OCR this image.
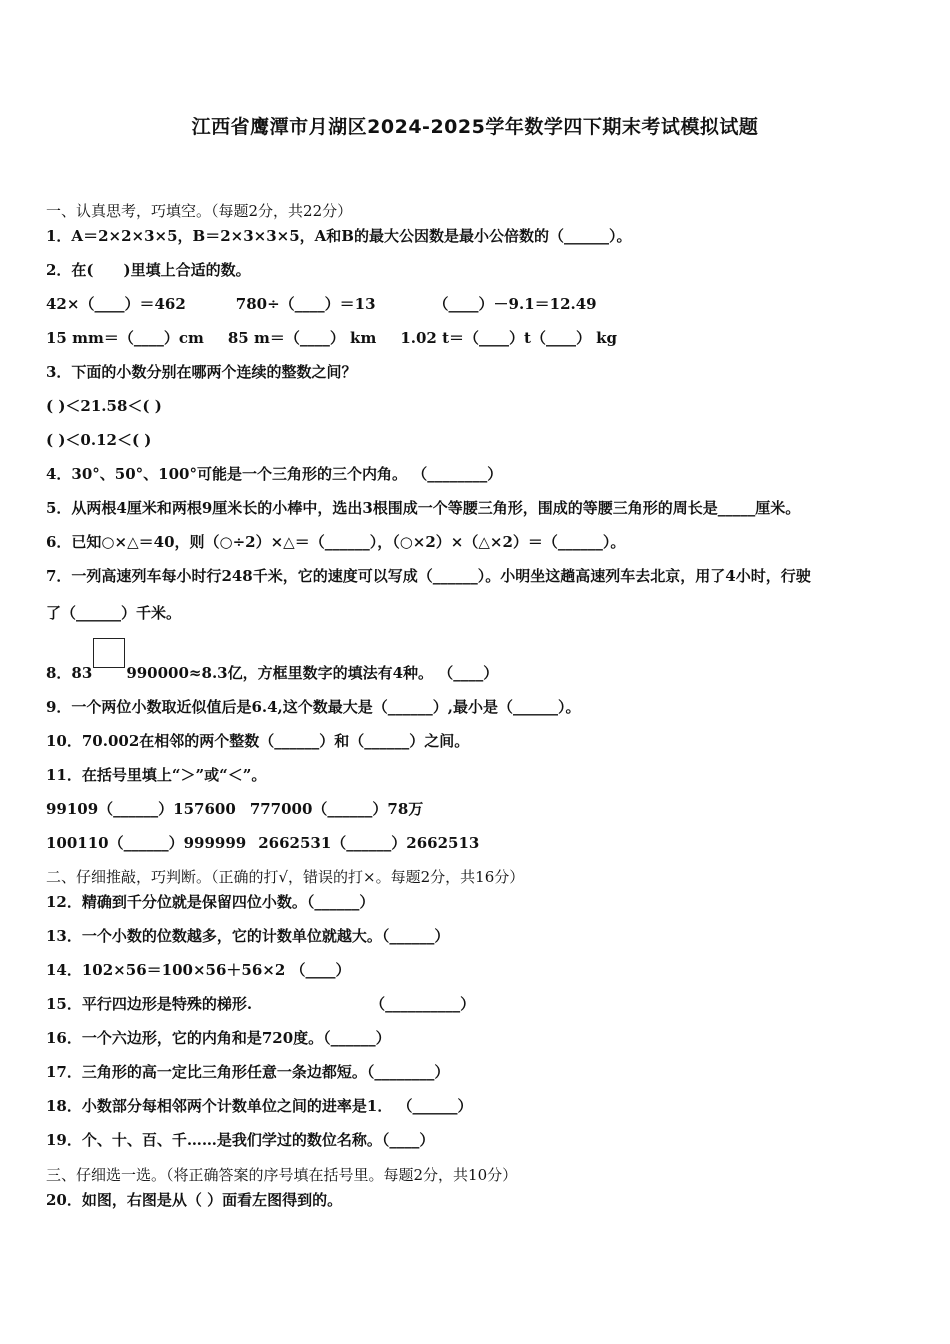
江西省鹰潭市月湖区2024-2025学年数学四下期末考试模拟试题
一、认真思考，巧填空。（每题2分，共22分）
1．A＝2×2×3×5，B＝2×3×3×5，A和B的最大公因数是最小公倍数的（______）。
2．在(　　)里填上合适的数。
42×（____）＝462	780÷（____）＝13	（____）－9.1＝12.49
15 mm＝（____）cm 85 m＝（____） km 1.02 t＝（____）t（____） kg
3．下面的小数分别在哪两个连续的整数之间？
( )＜21.58＜( )
( )＜0.12＜( )
4．30°、50°、100°可能是一个三角形的三个内角。 （________）
5．从两根4厘米和两根9厘米长的小棒中，选出3根围成一个等腰三角形，围成的等腰三角形的周长是_____厘米。
6．已知○×△＝40，则（○÷2）×△＝（______），（○×2）×（△×2）＝（______）。
7．一列高速列车每小时行248千米，它的速度可以写成（______）。小明坐这趟高速列车去北京，用了4小时，行驶
了（______）千米。
8．83 990000≈8.3亿，方框里数字的填法有4种。 （____）
9．一个两位小数取近似值后是6.4,这个数最大是（______）,最小是（______）。
10．70.002在相邻的两个整数（______）和（______）之间。
11．在括号里填上“＞”或“＜”。
99109（______）157600 777000（______）78万
100110（______）999999 2662531（______）2662513
二、仔细推敲，巧判断。（正确的打√，错误的打×。每题2分，共16分）
12．精确到千分位就是保留四位小数。（______）
13．一个小数的位数越多，它的计数单位就越大。（______）
14．102×56＝100×56＋56×2 （____）
15．平行四边形是特殊的梯形.	（__________）
16．一个六边形，它的内角和是720度。（______）
17．三角形的高一定比三角形任意一条边都短。（________）
18．小数部分每相邻两个计数单位之间的进率是1． （______）
19．个、十、百、千……是我们学过的数位名称。（____）
三、仔细选一选。（将正确答案的序号填在括号里。每题2分，共10分）
20．如图，右图是从（ ）面看左图得到的。
